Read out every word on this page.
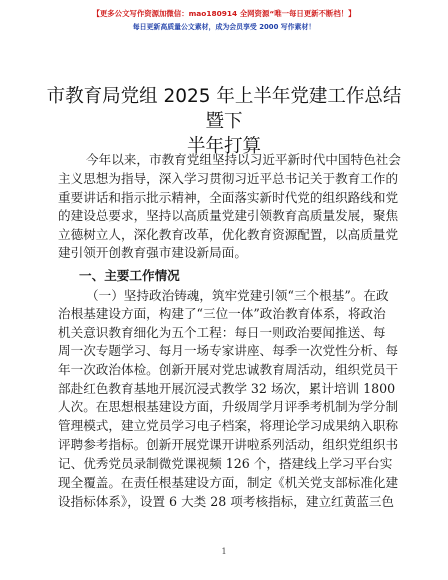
【更多公文写作资源加微信：mao180914 全网资源“唯一每日更新不断档！】
每日更新高质量公文素材，成为会员享受 2000 写作素材！
市教育局党组 2025 年上半年党建工作总结暨下
半年打算
今年以来，市教育党组坚持以习近平新时代中国特色社会
主义思想为指导，深入学习贯彻习近平总书记关于教育工作的
重要讲话和指示批示精神，全面落实新时代党的组织路线和党
的建设总要求，坚持以高质量党建引领教育高质量发展，聚焦
立德树立人，深化教育改革，优化教育资源配置，以高质量党
建引领开创教育强市建设新局面。
一、主要工作情况
（一）坚持政治铸魂，筑牢党建引领“三个根基”。在政
治根基建设方面，构建了“三位一体”政治教育体系，将政治
机关意识教育细化为五个工程：每日一则政治要闻推送、每
周一次专题学习、每月一场专家讲座、每季一次党性分析、每
年一次政治体检。创新开展对党忠诚教育周活动，组织党员干
部赴红色教育基地开展沉浸式教学 32 场次，累计培训 1800
人次。在思想根基建设方面，升级周学月评季考机制为学分制
管理模式，建立党员学习电子档案，将理论学习成果纳入职称
评聘参考指标。创新开展党课开讲啦系列活动，组织党组织书
记、优秀党员录制微党课视频 126 个，搭建线上学习平台实
现全覆盖。在责任根基建设方面，制定《机关党支部标准化建
设指标体系》，设置 6 大类 28 项考核指标，建立红黄蓝三色
1
